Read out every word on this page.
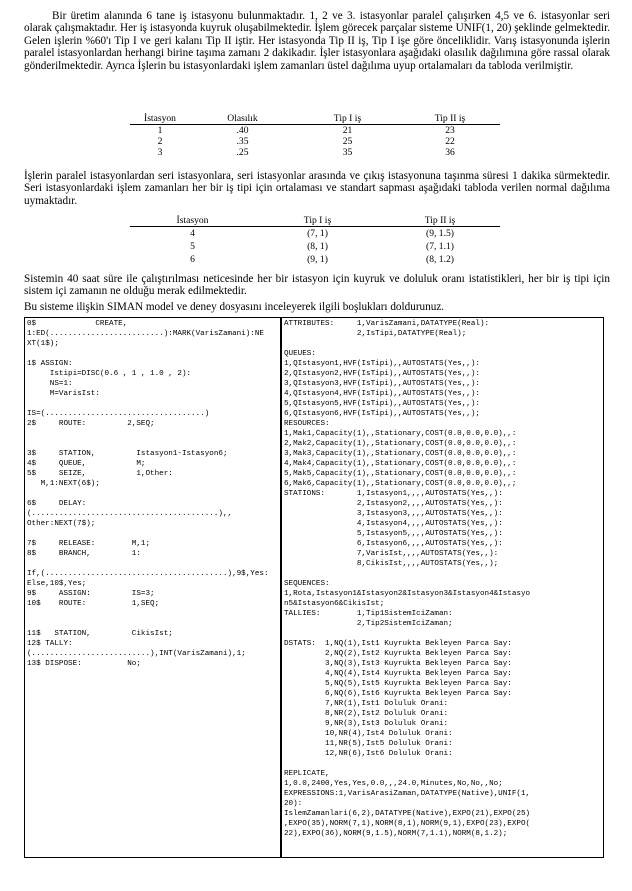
Bir üretim alanında 6 tane iş istasyonu bulunmaktadır. 1, 2 ve 3. istasyonlar paralel çalışırken 4,5 ve 6. istasyonlar seri olarak çalışmaktadır. Her iş istasyonda kuyruk oluşabilmektedir. İşlem görecek parçalar sisteme UNIF(1, 20) şeklinde gelmektedir. Gelen işlerin %60'ı Tip I ve geri kalanı Tip II iştir. Her istasyonda Tip II iş, Tip I işe göre önceliklidir. Varış istasyonunda işlerin paralel istasyonlardan herhangi birine taşıma zamanı 2 dakikadır. İşler istasyonlara aşağıdaki olasılık dağılımına göre rassal olarak gönderilmektedir. Ayrıca İşlerin bu istasyonlardaki işlem zamanları üstel dağılıma uyup ortalamaları da tabloda verilmiştir.

İstasyon	Olasılık	Tip I iş	Tip II iş
1	.40	21	23
2	.35	25	22
3	.25	35	36

İşlerin paralel istasyonlardan seri istasyonlara, seri istasyonlar arasında ve çıkış istasyonuna taşınma süresi 1 dakika sürmektedir. Seri istasyonlardaki işlem zamanları her bir iş tipi için ortalaması ve standart sapması aşağıdaki tabloda verilen normal dağılıma uymaktadır.

İstasyon	Tip I iş	Tip II iş
4	(7, 1)	(9, 1.5)
5	(8, 1)	(7, 1.1)
6	(9, 1)	(8, 1.2)

Sistemin 40 saat süre ile çalıştırılması neticesinde her bir istasyon için kuyruk ve doluluk oranı istatistikleri, her bir iş tipi için sistem içi zamanın ne olduğu merak edilmektedir.

Bu sisteme ilişkin SIMAN model ve deney dosyasını inceleyerek ilgili boşlukları doldurunuz.

0$             CREATE,
1:ED(.........................):MARK(VarisZamani):NE
XT(1$);

1$ ASSIGN:
Istipi=DISC(0.6 , 1 , 1.0 , 2):
NS=1:
M=VarisIst:

IS=(...................................)
2$     ROUTE:         2,SEQ;

3$     STATION,         Istasyon1-Istasyon6;
4$     QUEUE,           M;
5$     SEIZE,           1,Other:
M,1:NEXT(6$);

6$     DELAY:
(.........................................),,
Other:NEXT(7$);

7$     RELEASE:        M,1;
8$     BRANCH,         1:

If,(........................................),9$,Yes:
Else,10$,Yes;
9$     ASSIGN:         IS=3;
10$    ROUTE:          1,SEQ;

11$   STATION,         CikisIst;
12$ TALLY:
(..........................),INT(VarisZamani),1;
13$ DISPOSE:          No;
ATTRIBUTES:     1,VarisZamani,DATATYPE(Real):
2,IsTipi,DATATYPE(Real);

QUEUES:
1,QIstasyon1,HVF(IsTipi),,AUTOSTATS(Yes,,):
2,QIstasyon2,HVF(IsTipi),,AUTOSTATS(Yes,,):
3,QIstasyon3,HVF(IsTipi),,AUTOSTATS(Yes,,):
4,QIstasyon4,HVF(IsTipi),,AUTOSTATS(Yes,,):
5,QIstasyon5,HVF(IsTipi),,AUTOSTATS(Yes,,):
6,QIstasyon6,HVF(IsTipi),,AUTOSTATS(Yes,,);
RESOURCES:
1,Mak1,Capacity(1),,Stationary,COST(0.0,0.0,0.0),,:
2,Mak2,Capacity(1),,Stationary,COST(0.0,0.0,0.0),,:
3,Mak3,Capacity(1),,Stationary,COST(0.0,0.0,0.0),,:
4,Mak4,Capacity(1),,Stationary,COST(0.0,0.0,0.0),,:
5,Mak5,Capacity(1),,Stationary,COST(0.0,0.0,0.0),,:
6,Mak6,Capacity(1),,Stationary,COST(0.0,0.0,0.0),,;
STATIONS:       1,Istasyon1,,,,AUTOSTATS(Yes,,):
2,Istasyon2,,,,AUTOSTATS(Yes,,):
3,Istasyon3,,,,AUTOSTATS(Yes,,):
4,Istasyon4,,,,AUTOSTATS(Yes,,):
5,Istasyon5,,,,AUTOSTATS(Yes,,):
6,Istasyon6,,,,AUTOSTATS(Yes,,):
7,VarisIst,,,,AUTOSTATS(Yes,,):
8,CikisIst,,,,AUTOSTATS(Yes,,);

SEQUENCES:
1,Rota,Istasyon1&Istasyon2&Istasyon3&Istasyon4&Istasyo
n5&Istasyon6&CikisIst;
TALLIES:        1,Tip1SistemIciZaman:
2,Tip2SistemIciZaman;

DSTATS:  1,NQ(1),Ist1 Kuyrukta Bekleyen Parca Say:
2,NQ(2),Ist2 Kuyrukta Bekleyen Parca Say:
3,NQ(3),Ist3 Kuyrukta Bekleyen Parca Say:
4,NQ(4),Ist4 Kuyrukta Bekleyen Parca Say:
5,NQ(5),Ist5 Kuyrukta Bekleyen Parca Say:
6,NQ(6),Ist6 Kuyrukta Bekleyen Parca Say:
7,NR(1),Ist1 Doluluk Orani:
8,NR(2),Ist2 Doluluk Orani:
9,NR(3),Ist3 Doluluk Orani:
10,NR(4),Ist4 Doluluk Orani:
11,NR(5),Ist5 Doluluk Orani:
12,NR(6),Ist6 Doluluk Orani:

REPLICATE,
1,0.0,2400,Yes,Yes,0.0,,,24.0,Minutes,No,No,,No;
EXPRESSIONS:1,VarisArasiZaman,DATATYPE(Native),UNIF(1,
20):
IslemZamanlari(6,2),DATATYPE(Native),EXPO(21),EXPO(25)
,EXPO(35),NORM(7,1),NORM(8,1),NORM(9,1),EXPO(23),EXPO(
22),EXPO(36),NORM(9,1.5),NORM(7,1.1),NORM(8,1.2);
